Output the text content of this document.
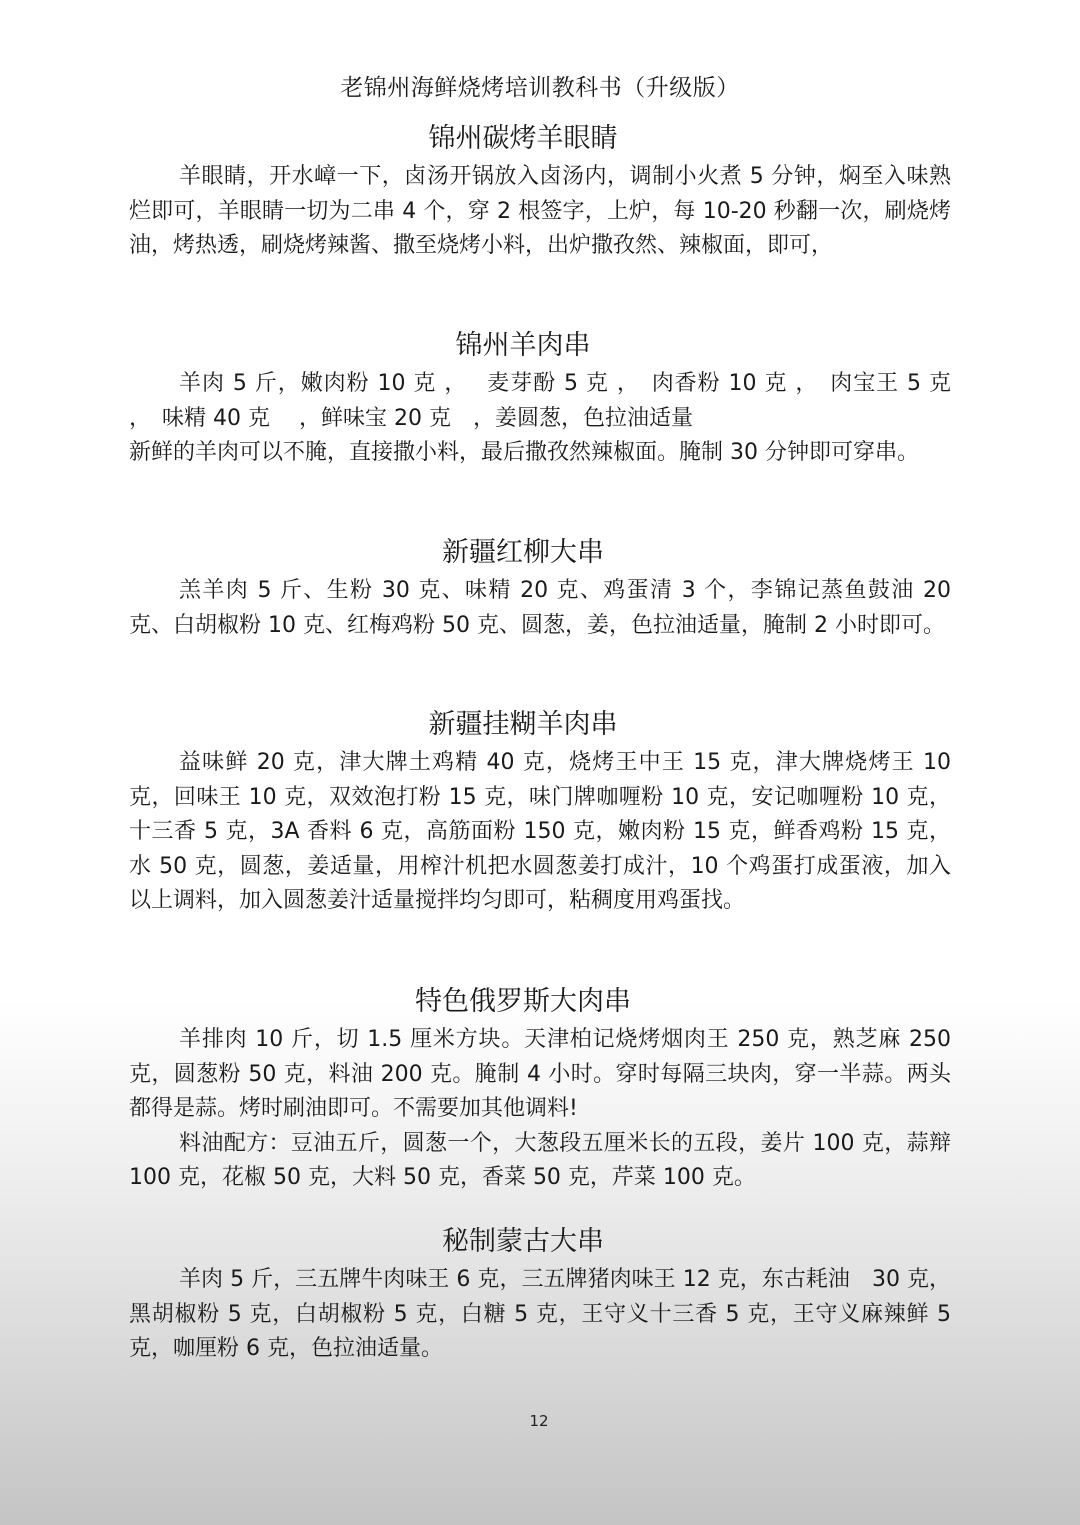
老锦州海鲜烧烤培训教科书（升级版）
锦州碳烤羊眼睛

羊眼睛，开水嶂一下，卤汤开锅放入卤汤内，调制小火煮 5 分钟，焖至入味熟烂即可，羊眼睛一切为二串 4 个，穿 2 根签字，上炉，每 10-20 秒翻一次，刷烧烤油，烤热透，刷烧烤辣酱、撒至烧烤小料，出炉撒孜然、辣椒面，即可，

锦州羊肉串

羊肉 5 斤，嫩肉粉 10 克 ，　 麦芽酚 5 克 ，　肉香粉 10 克 ，　肉宝王 5 克　 ，　味精 40 克　 ，鲜味宝 20 克　，姜圆葱，色拉油适量

新鲜的羊肉可以不腌，直接撒小料，最后撒孜然辣椒面。腌制 30 分钟即可穿串。

新疆红柳大串

羔羊肉 5 斤、生粉 30 克、味精 20 克、鸡蛋清 3 个，李锦记蒸鱼鼓油 20 克、白胡椒粉 10 克、红梅鸡粉 50 克、圆葱，姜，色拉油适量，腌制 2 小时即可。

新疆挂糊羊肉串

益味鲜 20 克，津大牌土鸡精 40 克，烧烤王中王 15 克，津大牌烧烤王 10 克，回味王 10 克，双效泡打粉 15 克，味门牌咖喱粉 10 克，安记咖喱粉 10 克，十三香 5 克，3A 香料 6 克，高筋面粉 150 克，嫩肉粉 15 克，鲜香鸡粉 15 克，水 50 克，圆葱，姜适量，用榨汁机把水圆葱姜打成汁，10 个鸡蛋打成蛋液，加入以上调料，加入圆葱姜汁适量搅拌均匀即可，粘稠度用鸡蛋找。

特色俄罗斯大肉串

羊排肉 10 斤，切 1.5 厘米方块。天津柏记烧烤烟肉王 250 克，熟芝麻 250 克，圆葱粉 50 克，料油 200 克。腌制 4 小时。穿时每隔三块肉，穿一半蒜。两头都得是蒜。烤时刷油即可。不需要加其他调料!

料油配方：豆油五斤，圆葱一个，大葱段五厘米长的五段，姜片 100 克，蒜辩 100 克，花椒 50 克，大料 50 克，香菜 50 克，芹菜 100 克。

秘制蒙古大串

羊肉 5 斤，三五牌牛肉味王 6 克，三五牌猪肉味王 12 克，东古耗油　30 克，黑胡椒粉 5 克，白胡椒粉 5 克，白糖 5 克，王守义十三香 5 克，王守义麻辣鲜 5 克，咖厘粉 6 克，色拉油适量。

12
